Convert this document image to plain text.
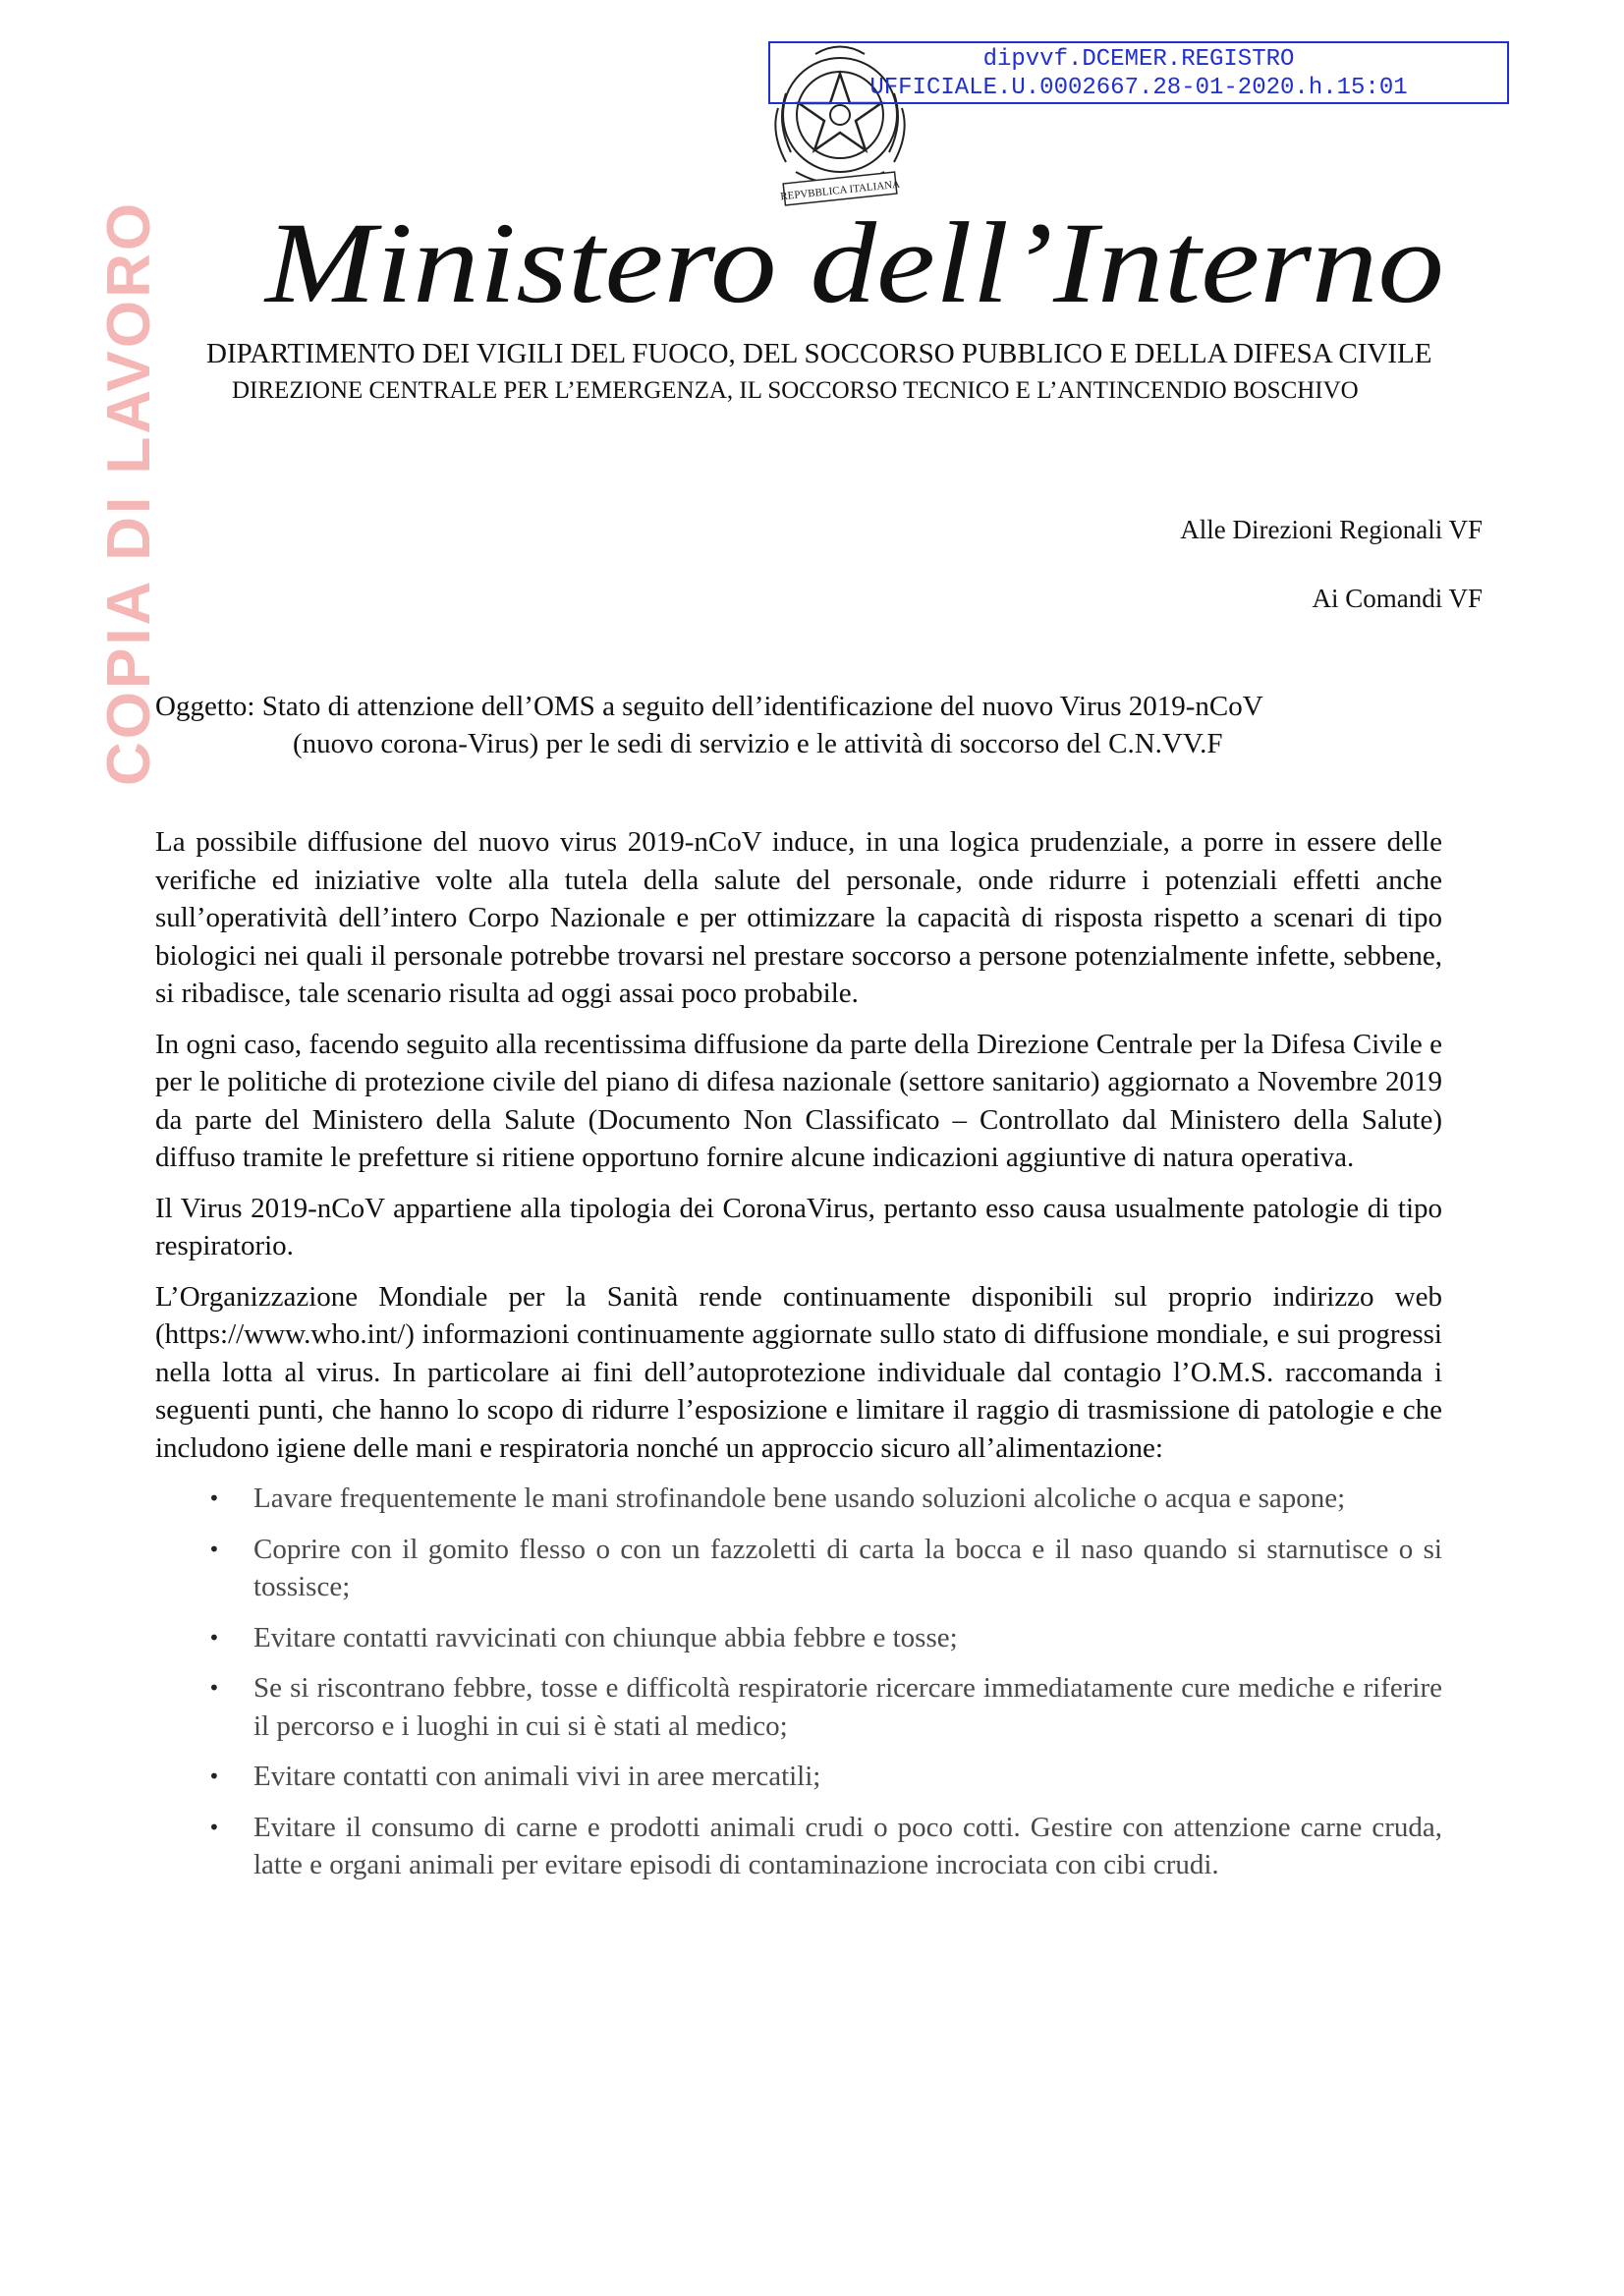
COPIA DI LAVORO
REPVBBLICA ITALIANA
dipvvf.DCEMER.REGISTRO
UFFICIALE.U.0002667.28-01-2020.h.15:01
Ministero dell’Interno
DIPARTIMENTO DEI VIGILI DEL FUOCO, DEL SOCCORSO PUBBLICO E DELLA DIFESA CIVILE
DIREZIONE CENTRALE PER L’EMERGENZA, IL SOCCORSO TECNICO E L’ANTINCENDIO BOSCHIVO
Alle Direzioni Regionali VF
Ai Comandi VF
Oggetto: Stato di attenzione dell’OMS a seguito dell’identificazione del nuovo Virus 2019-nCoV
(nuovo corona-Virus) per le sedi di servizio e le attività di soccorso del C.N.VV.F

La possibile diffusione del nuovo virus 2019-nCoV induce, in una logica prudenziale, a porre in essere delle verifiche ed iniziative volte alla tutela della salute del personale, onde ridurre i potenziali effetti anche sull’operatività dell’intero Corpo Nazionale e per ottimizzare la capacità di risposta rispetto a scenari di tipo biologici nei quali il personale potrebbe trovarsi nel prestare soccorso a persone potenzialmente infette, sebbene, si ribadisce, tale scenario risulta ad oggi assai poco probabile.

In ogni caso, facendo seguito alla recentissima diffusione da parte della Direzione Centrale per la Difesa Civile e per le politiche di protezione civile del piano di difesa nazionale (settore sanitario) aggiornato a Novembre 2019 da parte del Ministero della Salute (Documento Non Classificato – Controllato dal Ministero della Salute) diffuso tramite le prefetture si ritiene opportuno fornire alcune indicazioni aggiuntive di natura operativa.

Il Virus 2019-nCoV appartiene alla tipologia dei CoronaVirus, pertanto esso causa usualmente patologie di tipo respiratorio.

L’Organizzazione Mondiale per la Sanità rende continuamente disponibili sul proprio indirizzo web (https://www.who.int/) informazioni continuamente aggiornate sullo stato di diffusione mondiale, e sui progressi nella lotta al virus. In particolare ai fini dell’autoprotezione individuale dal contagio l’O.M.S. raccomanda i seguenti punti, che hanno lo scopo di ridurre l’esposizione e limitare il raggio di trasmissione di patologie e che includono igiene delle mani e respiratoria nonché un approccio sicuro all’alimentazione:

• Lavare frequentemente le mani strofinandole bene usando soluzioni alcoliche o acqua e sapone;
• Coprire con il gomito flesso o con un fazzoletti di carta la bocca e il naso quando si starnutisce o si tossisce;
• Evitare contatti ravvicinati con chiunque abbia febbre e tosse;
• Se si riscontrano febbre, tosse e difficoltà respiratorie ricercare immediatamente cure mediche e riferire il percorso e i luoghi in cui si è stati al medico;
• Evitare contatti con animali vivi in aree mercatili;
• Evitare il consumo di carne e prodotti animali crudi o poco cotti. Gestire con attenzione carne cruda, latte e organi animali per evitare episodi di contaminazione incrociata con cibi crudi.
